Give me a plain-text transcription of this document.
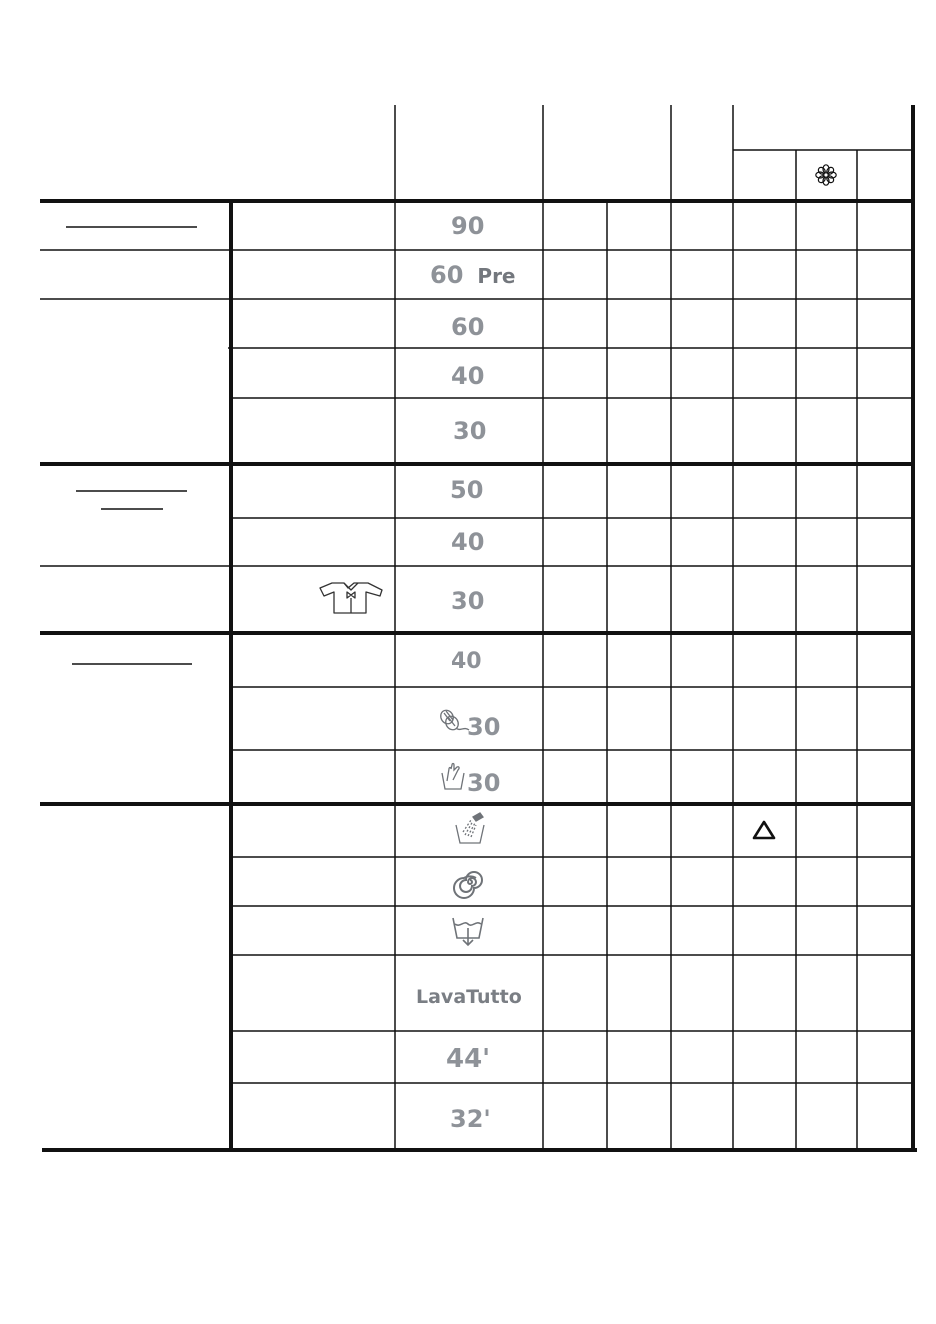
90
60 Pre
60
40
30
50
40
30
40
30
30
LavaTutto
44'
32'
